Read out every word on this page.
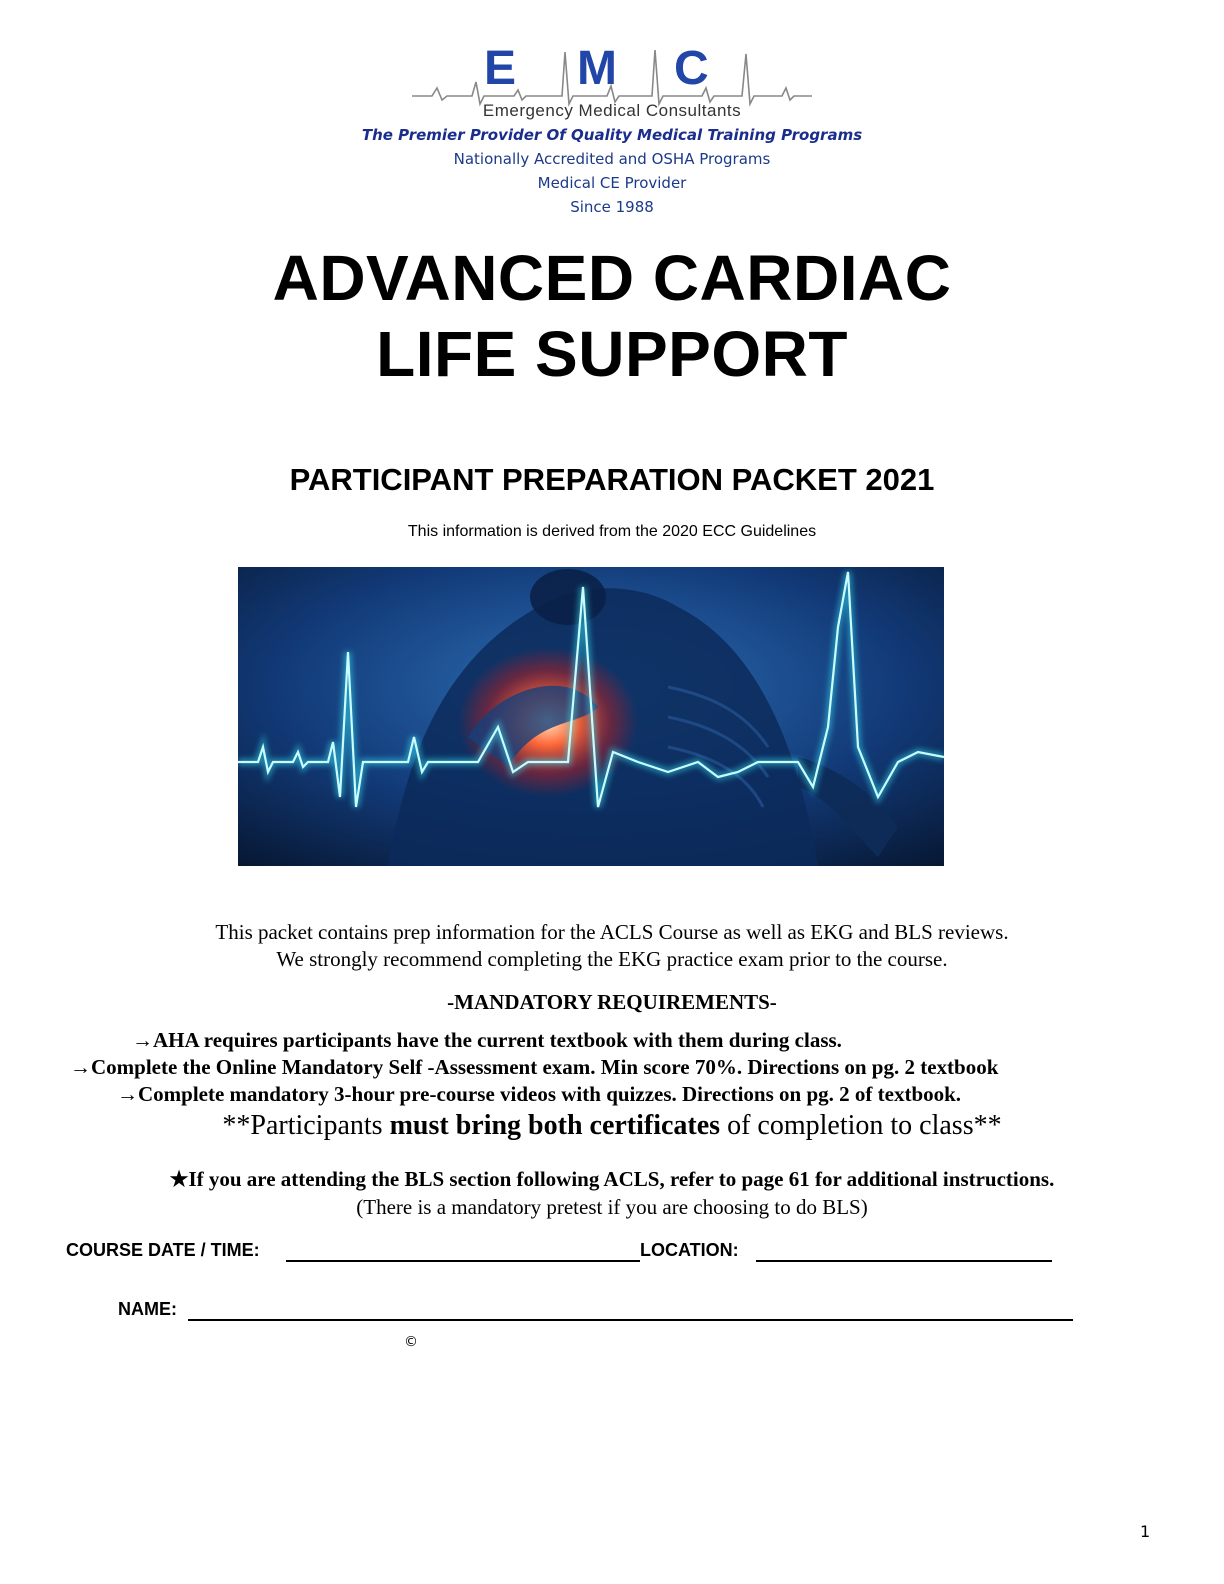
E M C
Emergency Medical Consultants
The Premier Provider Of Quality Medical Training Programs
Nationally Accredited and OSHA Programs
Medical CE Provider
Since 1988
ADVANCED CARDIAC
LIFE SUPPORT
PARTICIPANT PREPARATION PACKET 2021
This information is derived from the 2020 ECC Guidelines
This packet contains prep information for the ACLS Course as well as EKG and BLS reviews.
We strongly recommend completing the EKG practice exam prior to the course.
-MANDATORY REQUIREMENTS-
→AHA requires participants have the current textbook with them during class.
→Complete the Online Mandatory Self -Assessment exam. Min score 70%. Directions on pg. 2 textbook
→Complete mandatory 3-hour pre-course videos with quizzes. Directions on pg. 2 of textbook.
**Participants must bring both certificates of completion to class**
★If you are attending the BLS section following ACLS, refer to page 61 for additional instructions.
(There is a mandatory pretest if you are choosing to do BLS)
COURSE DATE / TIME:	LOCATION:
NAME:
©
1
